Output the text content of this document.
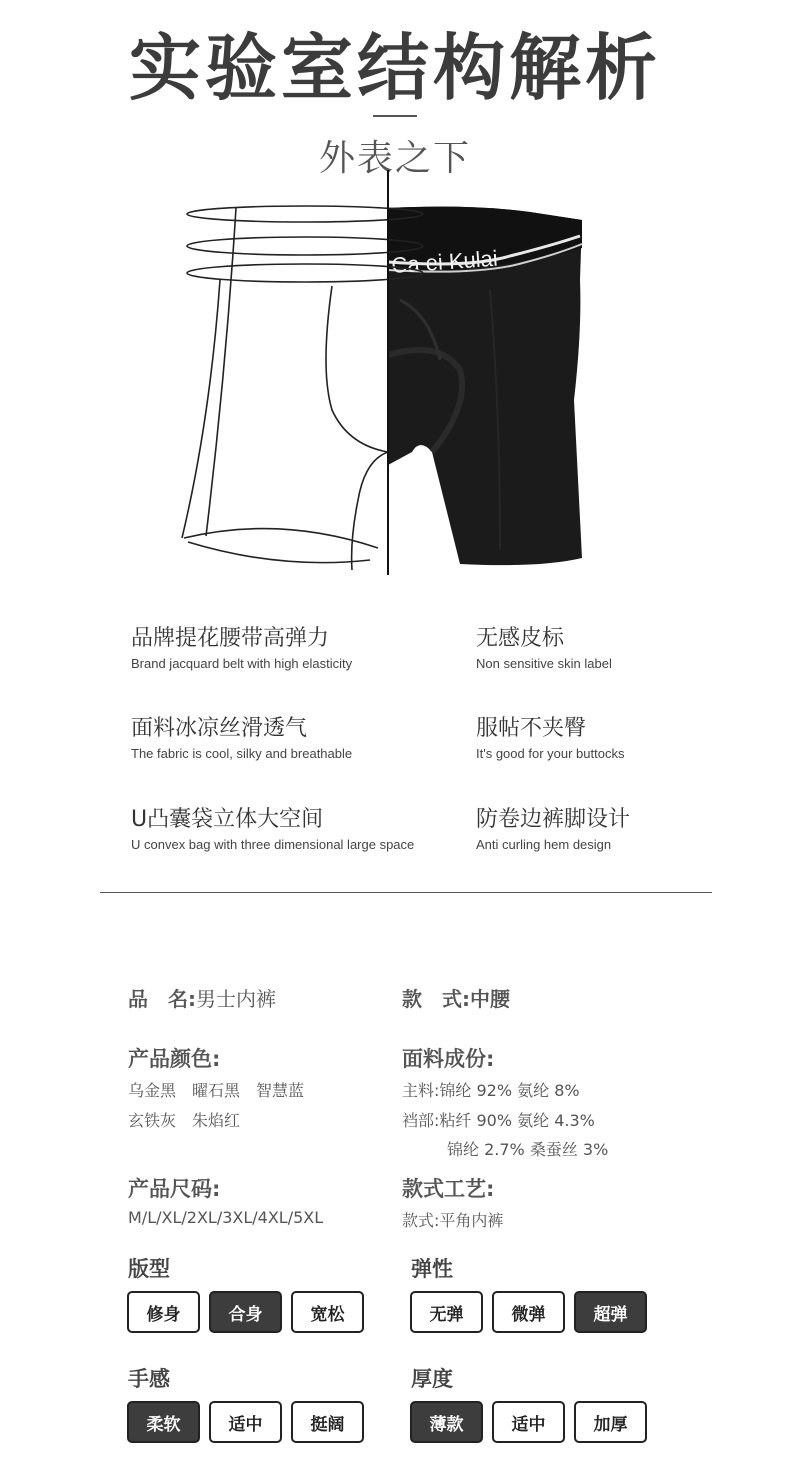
实验室结构解析
外表之下
Ca ei Kulai
品牌提花腰带高弹力
Brand jacquard belt with high elasticity
无感皮标
Non sensitive skin label
面料冰凉丝滑透气
The fabric is cool, silky and breathable
服帖不夹臀
It's good for your buttocks
U凸囊袋立体大空间
U convex bag with three dimensional large space
防卷边裤脚设计
Anti curling hem design
品　名:男士内裤	款　式:中腰
产品颜色:
乌金黑　曜石黑　智慧蓝
玄铁灰　朱焰红
面料成份:
主料:锦纶 92% 氨纶 8%
裆部:粘纤 90% 氨纶 4.3%
锦纶 2.7% 桑蚕丝 3%
产品尺码:
M/L/XL/2XL/3XL/4XL/5XL
款式工艺:
款式:平角内裤
版型
修身	合身	宽松
弹性
无弹	微弹	超弹
手感
柔软	适中	挺阔
厚度
薄款	适中	加厚
